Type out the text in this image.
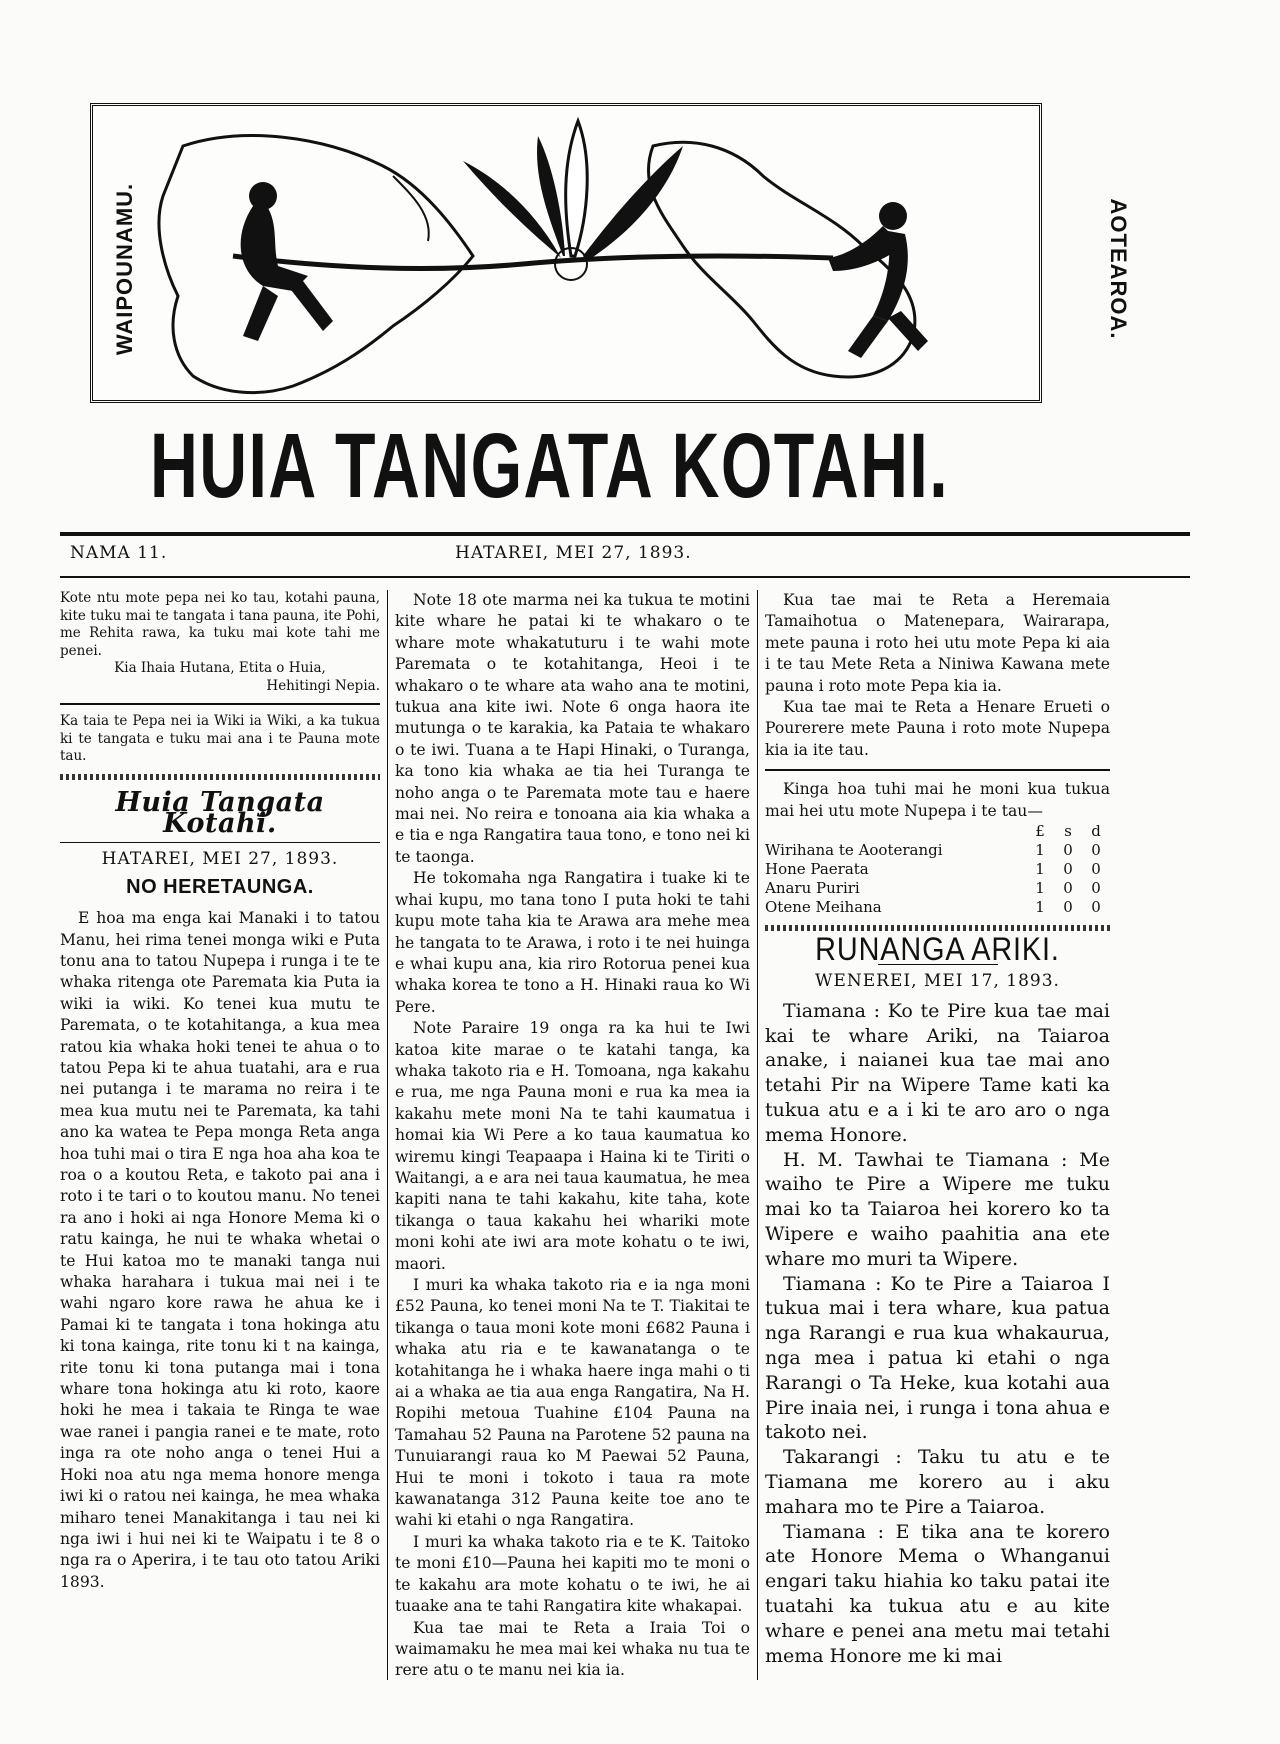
WAIPOUNAMU.	AOTEAROA.
HUIA TANGATA KOTAHI.
NAMA 11.	HATAREI, MEI 27, 1893.

Kote ntu mote pepa nei ko tau, kotahi pauna, kite tuku mai te tangata i tana pauna, ite Pohi, me Rehita rawa, ka tuku mai kote tahi me penei.

Kia Ihaia Hutana, Etita o Huia,

Hehitingi Nepia.

Ka taia te Pepa nei ia Wiki ia Wiki, a ka tukua ki te tangata e tuku mai ana i te Pauna mote tau.

Huia Tangata Kotahi.
HATAREI, MEI 27, 1893.
NO HERETAUNGA.

E hoa ma enga kai Manaki i to tatou Manu, hei rima tenei monga wiki e Puta tonu ana to tatou Nupepa i runga i te te whaka ritenga ote Paremata kia Puta ia wiki ia wiki. Ko tenei kua mutu te Paremata, o te kotahitanga, a kua mea ratou kia whaka hoki tenei te ahua o to tatou Pepa ki te ahua tuatahi, ara e rua nei putanga i te marama no reira i te mea kua mutu nei te Paremata, ka tahi ano ka watea te Pepa monga Reta anga hoa tuhi mai o tira E nga hoa aha koa te roa o a koutou Reta, e takoto pai ana i roto i te tari o to koutou manu. No tenei ra ano i hoki ai nga Honore Mema ki o ratu kainga, he nui te whaka whetai o te Hui katoa mo te manaki tanga nui whaka harahara i tukua mai nei i te wahi ngaro kore rawa he ahua ke i Pamai ki te tangata i tona hokinga atu ki tona kainga, rite tonu ki t na kainga, rite tonu ki tona putanga mai i tona whare tona hokinga atu ki roto, kaore hoki he mea i takaia te Ringa te wae wae ranei i pangia ranei e te mate, roto inga ra ote noho anga o tenei Hui a Hoki noa atu nga mema honore menga iwi ki o ratou nei kainga, he mea whaka miharo tenei Manakitanga i tau nei ki nga iwi i hui nei ki te Waipatu i te 8 o nga ra o Aperira, i te tau oto tatou Ariki 1893.

Note 18 ote marma nei ka tukua te motini kite whare he patai ki te whakaro o te whare mote whakatuturu i te wahi mote Paremata o te kotahitanga, Heoi i te whakaro o te whare ata waho ana te motini, tukua ana kite iwi. Note 6 onga haora ite mutunga o te karakia, ka Pataia te whakaro o te iwi. Tuana a te Hapi Hinaki, o Turanga, ka tono kia whaka ae tia hei Turanga te noho anga o te Paremata mote tau e haere mai nei. No reira e tonoana aia kia whaka a e tia e nga Rangatira taua tono, e tono nei ki te taonga.

He tokomaha nga Rangatira i tuake ki te whai kupu, mo tana tono I puta hoki te tahi kupu mote taha kia te Arawa ara mehe mea he tangata to te Arawa, i roto i te nei huinga e whai kupu ana, kia riro Rotorua penei kua whaka korea te tono a H. Hinaki raua ko Wi Pere.

Note Paraire 19 onga ra ka hui te Iwi katoa kite marae o te katahi tanga, ka whaka takoto ria e H. Tomoana, nga kakahu e rua, me nga Pauna moni e rua ka mea ia kakahu mete moni Na te tahi kaumatua i homai kia Wi Pere a ko taua kaumatua ko wiremu kingi Teapaapa i Haina ki te Tiriti o Waitangi, a e ara nei taua kaumatua, he mea kapiti nana te tahi kakahu, kite taha, kote tikanga o taua kakahu hei whariki mote moni kohi ate iwi ara mote kohatu o te iwi, maori.

I muri ka whaka takoto ria e ia nga moni £52 Pauna, ko tenei moni Na te T. Tiakitai te tikanga o taua moni kote moni £682 Pauna i whaka atu ria e te kawanatanga o te kotahitanga he i whaka haere inga mahi o ti ai a whaka ae tia aua enga Rangatira, Na H. Ropihi metoua Tuahine £104 Pauna na Tamahau 52 Pauna na Parotene 52 pauna na Tunuiarangi raua ko M Paewai 52 Pauna, Hui te moni i tokoto i taua ra mote kawanatanga 312 Pauna keite toe ano te wahi ki etahi o nga Rangatira.

I muri ka whaka takoto ria e te K. Taitoko te moni £10—Pauna hei kapiti mo te moni o te kakahu ara mote kohatu o te iwi, he ai tuaake ana te tahi Rangatira kite whakapai.

Kua tae mai te Reta a Iraia Toi o waimamaku he mea mai kei whaka nu tua te rere atu o te manu nei kia ia.

Kua tae mai te Reta a Heremaia Tamaihotua o Matenepara, Wairarapa, mete pauna i roto hei utu mote Pepa ki aia i te tau Mete Reta a Niniwa Kawana mete pauna i roto mote Pepa kia ia.

Kua tae mai te Reta a Henare Erueti o Pourerere mete Pauna i roto mote Nupepa kia ia ite tau.

Kinga hoa tuhi mai he moni kua tukua mai hei utu mote Nupepa i te tau—

	£	s	d
Wirihana te Aooterangi	1	0	0
Hone Paerata	1	0	0
Anaru Puriri	1	0	0
Otene Meihana	1	0	0
RUNANGA ARIKI.
WENEREI, MEI 17, 1893.

Tiamana : Ko te Pire kua tae mai kai te whare Ariki, na Taiaroa anake, i naianei kua tae mai ano tetahi Pir na Wipere Tame kati ka tukua atu e a i ki te aro aro o nga mema Honore.

H. M. Tawhai te Tiamana : Me waiho te Pire a Wipere me tuku mai ko ta Taiaroa hei korero ko ta Wipere e waiho paahitia ana ete whare mo muri ta Wipere.

Tiamana : Ko te Pire a Taiaroa I tukua mai i tera whare, kua patua nga Rarangi e rua kua whakaurua, nga mea i patua ki etahi o nga Rarangi o Ta Heke, kua kotahi aua Pire inaia nei, i runga i tona ahua e takoto nei.

Takarangi : Taku tu atu e te Tiamana me korero au i aku mahara mo te Pire a Taiaroa.

Tiamana : E tika ana te korero ate Honore Mema o Whanganui engari taku hiahia ko taku patai ite tuatahi ka tukua atu e au kite whare e penei ana metu mai tetahi mema Honore me ki mai
